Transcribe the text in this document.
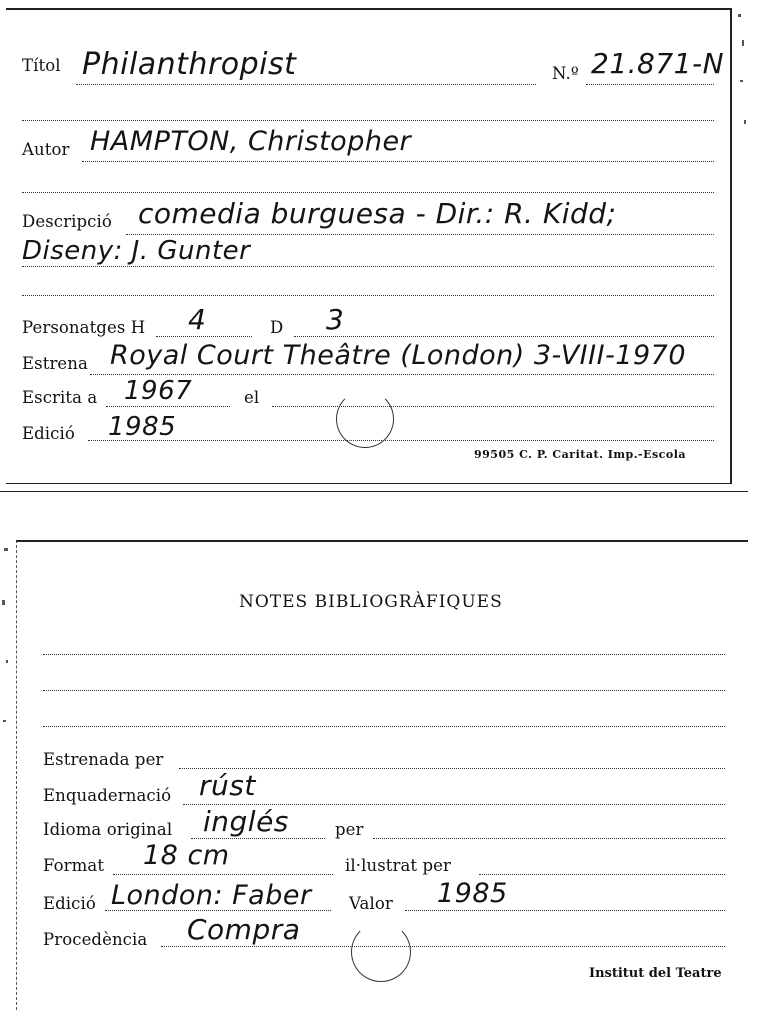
Títol Philanthropist	N.º 21.871-N
Autor HAMPTON, Christopher
Descripció comedia burguesa - Dir.: R. Kidd;
Diseny: J. Gunter
Personatges H 4	D 3
Estrena Royal Court Theâtre (London) 3-VIII-1970
Escrita a 1967	el
Edició 1985
99505 C. P. Caritat. Imp.-Escola
NOTES BIBLIOGRÀFIQUES
Estrenada per
Enquadernació rúst
Idioma original inglés	per
Format 18 cm	il·lustrat per
Edició London: Faber Valor 1985
Procedència Compra
Institut del Teatre
